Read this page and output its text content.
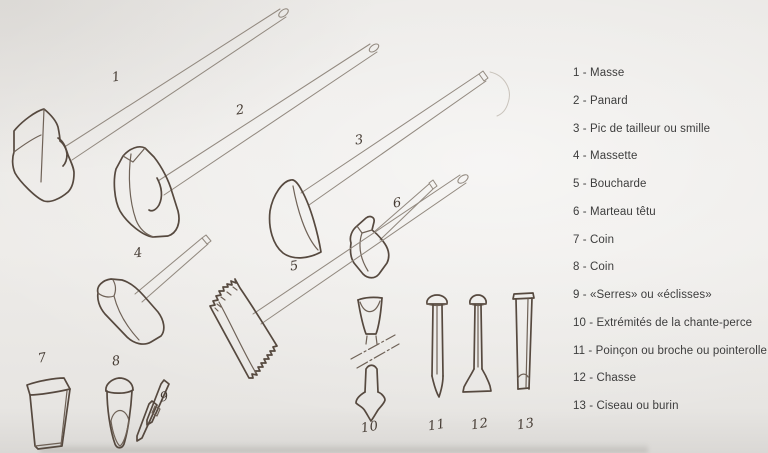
1
2
3
4
5
6
7	8
9
10	11 12 13
1 - Masse
2 - Panard
3 - Pic de tailleur ou smille
4 - Massette
5 - Boucharde
6 - Marteau têtu
7 - Coin
8 - Coin
9 - «Serres» ou «éclisses»
10 - Extrémités de la chante-perce
11 - Poinçon ou broche ou pointerolle
12 - Chasse
13 - Ciseau ou burin
